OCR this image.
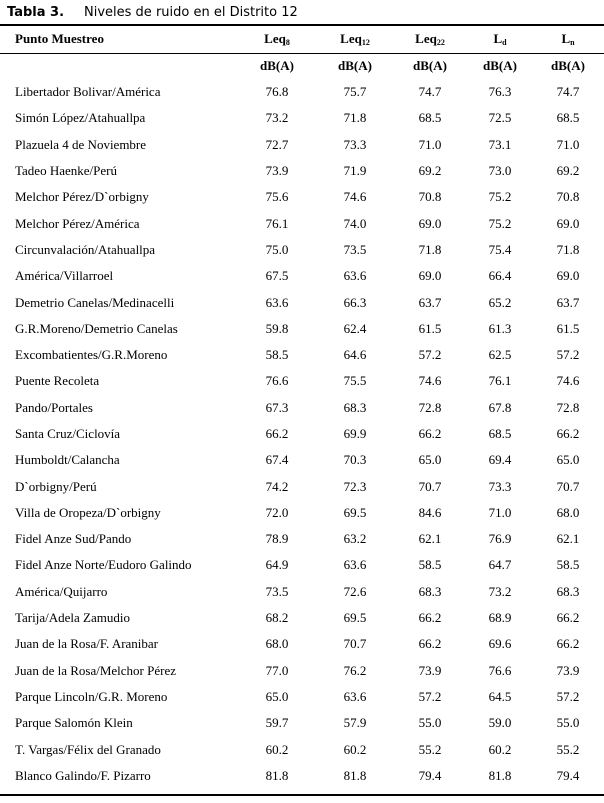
Tabla 3. Niveles de ruido en el Distrito 12
Punto Muestreo	Leq$_8$	Leq$_{12}$	Leq$_{22}$	$L_d$	$L_n$
	dB(A)	dB(A)	dB(A)	dB(A)	dB(A)
Libertador Bolivar/América	76.8	75.7	74.7	76.3	74.7
Simón López/Atahuallpa	73.2	71.8	68.5	72.5	68.5
Plazuela 4 de Noviembre	72.7	73.3	71.0	73.1	71.0
Tadeo Haenke/Perú	73.9	71.9	69.2	73.0	69.2
Melchor Pérez/D`orbigny	75.6	74.6	70.8	75.2	70.8
Melchor Pérez/América	76.1	74.0	69.0	75.2	69.0
Circunvalación/Atahuallpa	75.0	73.5	71.8	75.4	71.8
América/Villarroel	67.5	63.6	69.0	66.4	69.0
Demetrio Canelas/Medinacelli	63.6	66.3	63.7	65.2	63.7
G.R.Moreno/Demetrio Canelas	59.8	62.4	61.5	61.3	61.5
Excombatientes/G.R.Moreno	58.5	64.6	57.2	62.5	57.2
Puente Recoleta	76.6	75.5	74.6	76.1	74.6
Pando/Portales	67.3	68.3	72.8	67.8	72.8
Santa Cruz/Ciclovía	66.2	69.9	66.2	68.5	66.2
Humboldt/Calancha	67.4	70.3	65.0	69.4	65.0
D`orbigny/Perú	74.2	72.3	70.7	73.3	70.7
Villa de Oropeza/D`orbigny	72.0	69.5	84.6	71.0	68.0
Fidel Anze Sud/Pando	78.9	63.2	62.1	76.9	62.1
Fidel Anze Norte/Eudoro Galindo	64.9	63.6	58.5	64.7	58.5
América/Quijarro	73.5	72.6	68.3	73.2	68.3
Tarija/Adela Zamudio	68.2	69.5	66.2	68.9	66.2
Juan de la Rosa/F. Aranibar	68.0	70.7	66.2	69.6	66.2
Juan de la Rosa/Melchor Pérez	77.0	76.2	73.9	76.6	73.9
Parque Lincoln/G.R. Moreno	65.0	63.6	57.2	64.5	57.2
Parque Salomón Klein	59.7	57.9	55.0	59.0	55.0
T. Vargas/Félix del Granado	60.2	60.2	55.2	60.2	55.2
Blanco Galindo/F. Pizarro	81.8	81.8	79.4	81.8	79.4
